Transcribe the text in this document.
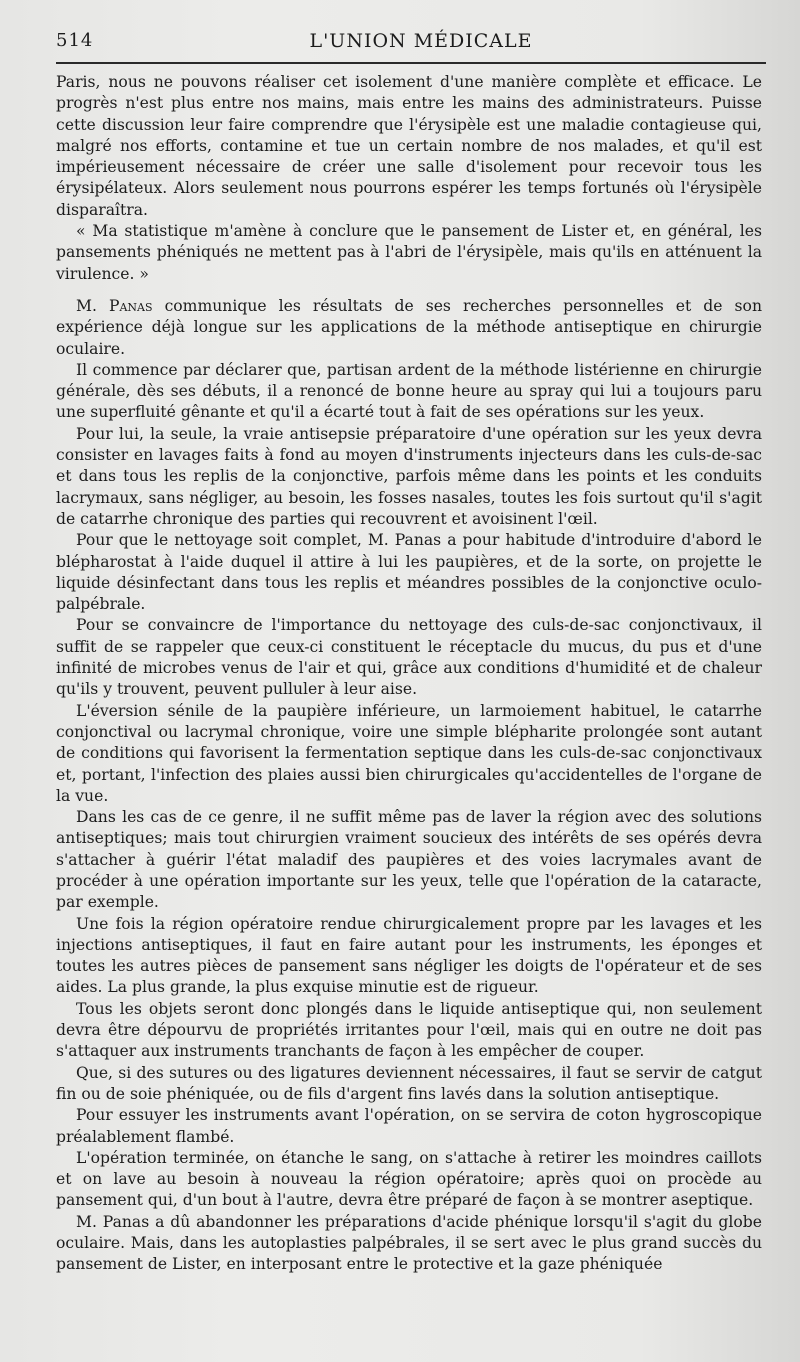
514	L'UNION MÉDICALE

Paris, nous ne pouvons réaliser cet isolement d'une manière complète et efficace. Le progrès n'est plus entre nos mains, mais entre les mains des administrateurs. Puisse cette discussion leur faire comprendre que l'érysipèle est une maladie contagieuse qui, malgré nos efforts, contamine et tue un certain nombre de nos malades, et qu'il est impérieusement nécessaire de créer une salle d'isolement pour recevoir tous les érysipélateux. Alors seulement nous pourrons espérer les temps fortunés où l'érysipèle disparaîtra.

« Ma statistique m'amène à conclure que le pansement de Lister et, en général, les pansements phéniqués ne mettent pas à l'abri de l'érysipèle, mais qu'ils en atténuent la virulence. »

M. Panas communique les résultats de ses recherches personnelles et de son expérience déjà longue sur les applications de la méthode antiseptique en chirurgie oculaire.

Il commence par déclarer que, partisan ardent de la méthode listérienne en chirurgie générale, dès ses débuts, il a renoncé de bonne heure au spray qui lui a toujours paru une superfluité gênante et qu'il a écarté tout à fait de ses opérations sur les yeux.

Pour lui, la seule, la vraie antisepsie préparatoire d'une opération sur les yeux devra consister en lavages faits à fond au moyen d'instruments injecteurs dans les culs-de-sac et dans tous les replis de la conjonctive, parfois même dans les points et les conduits lacrymaux, sans négliger, au besoin, les fosses nasales, toutes les fois surtout qu'il s'agit de catarrhe chronique des parties qui recouvrent et avoisinent l'œil.

Pour que le nettoyage soit complet, M. Panas a pour habitude d'introduire d'abord le blépharostat à l'aide duquel il attire à lui les paupières, et de la sorte, on projette le liquide désinfectant dans tous les replis et méandres possibles de la conjonctive oculo-palpébrale.

Pour se convaincre de l'importance du nettoyage des culs-de-sac conjonctivaux, il suffit de se rappeler que ceux-ci constituent le réceptacle du mucus, du pus et d'une infinité de microbes venus de l'air et qui, grâce aux conditions d'humidité et de chaleur qu'ils y trouvent, peuvent pulluler à leur aise.

L'éversion sénile de la paupière inférieure, un larmoiement habituel, le catarrhe conjonctival ou lacrymal chronique, voire une simple blépharite prolongée sont autant de conditions qui favorisent la fermentation septique dans les culs-de-sac conjonctivaux et, portant, l'infection des plaies aussi bien chirurgicales qu'accidentelles de l'organe de la vue.

Dans les cas de ce genre, il ne suffit même pas de laver la région avec des solutions antiseptiques; mais tout chirurgien vraiment soucieux des intérêts de ses opérés devra s'attacher à guérir l'état maladif des paupières et des voies lacrymales avant de procéder à une opération importante sur les yeux, telle que l'opération de la cataracte, par exemple.

Une fois la région opératoire rendue chirurgicalement propre par les lavages et les injections antiseptiques, il faut en faire autant pour les instruments, les éponges et toutes les autres pièces de pansement sans négliger les doigts de l'opérateur et de ses aides. La plus grande, la plus exquise minutie est de rigueur.

Tous les objets seront donc plongés dans le liquide antiseptique qui, non seulement devra être dépourvu de propriétés irritantes pour l'œil, mais qui en outre ne doit pas s'attaquer aux instruments tranchants de façon à les empêcher de couper.

Que, si des sutures ou des ligatures deviennent nécessaires, il faut se servir de catgut fin ou de soie phéniquée, ou de fils d'argent fins lavés dans la solution antiseptique.

Pour essuyer les instruments avant l'opération, on se servira de coton hygroscopique préalablement flambé.

L'opération terminée, on étanche le sang, on s'attache à retirer les moindres caillots et on lave au besoin à nouveau la région opératoire; après quoi on procède au pansement qui, d'un bout à l'autre, devra être préparé de façon à se montrer aseptique.

M. Panas a dû abandonner les préparations d'acide phénique lorsqu'il s'agit du globe oculaire. Mais, dans les autoplasties palpébrales, il se sert avec le plus grand succès du pansement de Lister, en interposant entre le protective et la gaze phéniquée
